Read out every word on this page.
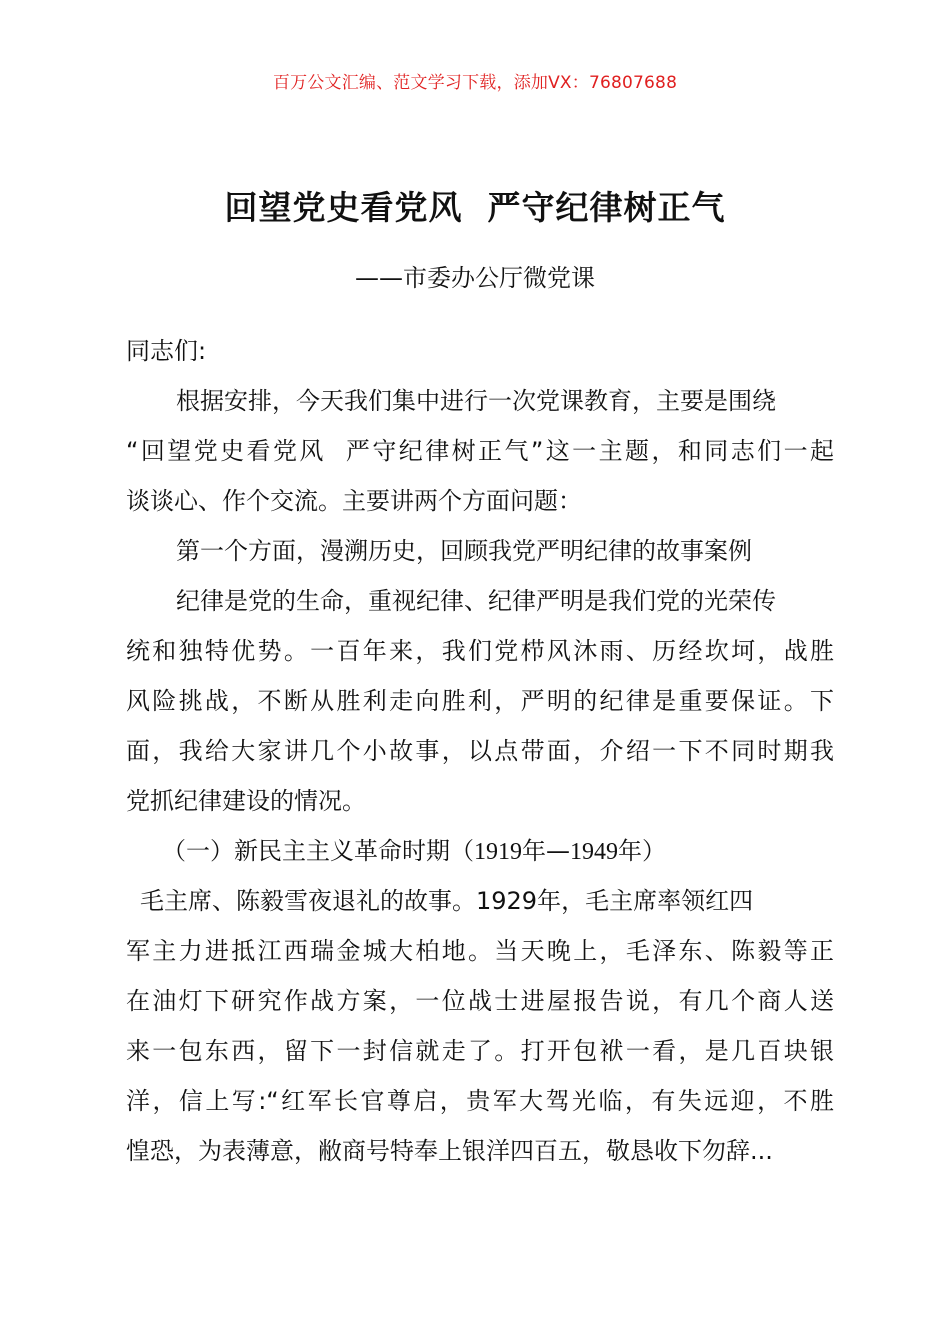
百万公文汇编、范文学习下载，添加VX：76807688
回望党史看党风  严守纪律树正气
——市委办公厅微党课
同志们:
根据安排，今天我们集中进行一次党课教育，主要是围绕
“回望党史看党风  严守纪律树正气”这一主题，和同志们一起
谈谈心、作个交流。主要讲两个方面问题：
第一个方面，漫溯历史，回顾我党严明纪律的故事案例
纪律是党的生命，重视纪律、纪律严明是我们党的光荣传
统和独特优势。一百年来，我们党栉风沐雨、历经坎坷，战胜
风险挑战，不断从胜利走向胜利，严明的纪律是重要保证。下
面，我给大家讲几个小故事，以点带面，介绍一下不同时期我
党抓纪律建设的情况。
（一）新民主主义革命时期（1919年—1949年）
毛主席、陈毅雪夜退礼的故事。1929年，毛主席率领红四
军主力进抵江西瑞金城大柏地。当天晚上，毛泽东、陈毅等正
在油灯下研究作战方案，一位战士进屋报告说，有几个商人送
来一包东西，留下一封信就走了。打开包袱一看，是几百块银
洋，信上写:“红军长官尊启，贵军大驾光临，有失远迎，不胜
惶恐，为表薄意，敝商号特奉上银洋四百五，敬恳收下勿辞...
